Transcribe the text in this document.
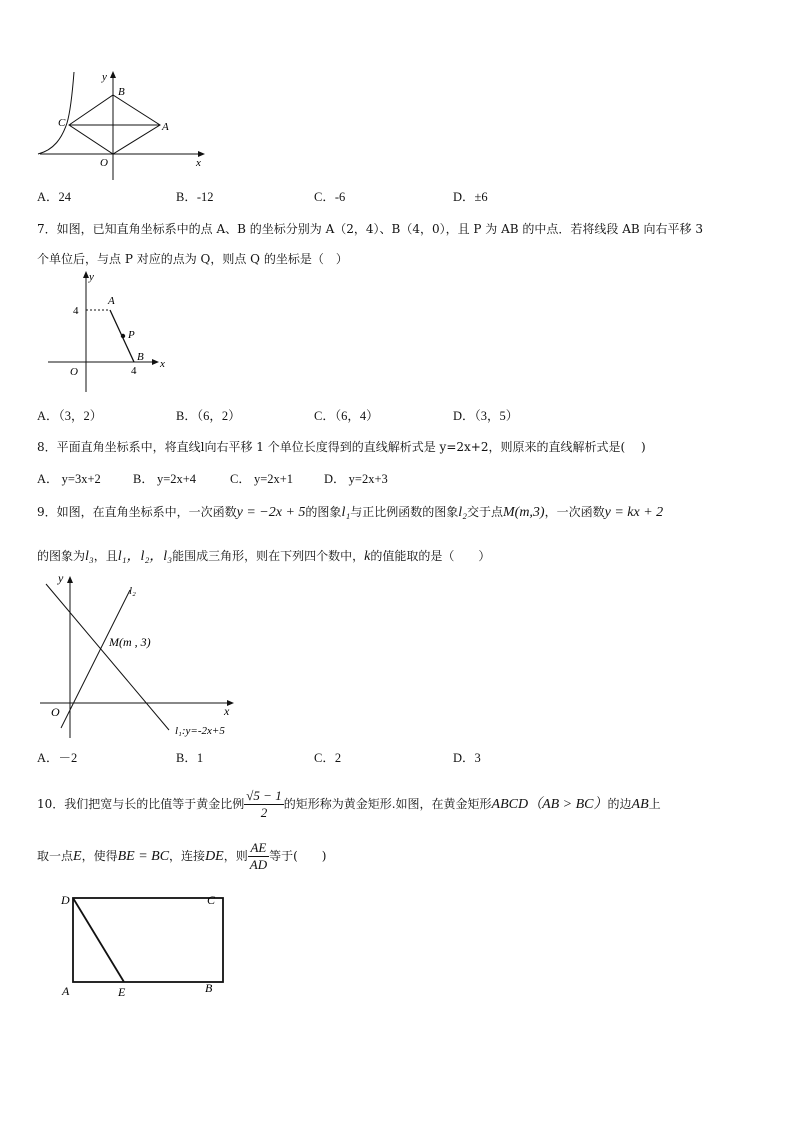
y
B
C	A
O	x
A．24	B．-12	C．-6	D．±6
7．如图，已知直角坐标系中的点 A、B 的坐标分别为 A（2，4）、B（4，0），且 P 为 AB 的中点．若将线段 AB 向右平移 3
个单位后，与点 P 对应的点为 Q，则点 Q 的坐标是（　）
y
4
A
P
B
x
O	4
A．（3，2）	B．（6，2）	C．（6，4）	D．（3，5）
8．平面直角坐标系中，将直线l向右平移 1 个单位长度得到的直线解析式是 y=2x+2，则原来的直线解析式是(　 )
A． y=3x+2	B． y=2x+4	C． y=2x+1 D． y=2x+3
9．如图，在直角坐标系中，一次函数y = −2x + 5的图象l₁与正比例函数的图象l₂交于点M(m,3)，一次函数y = kx + 2
的图象为l₃，且l₁，l₂，l₃能围成三角形，则在下列四个数中，k的值能取的是（　　）
y
l₂
M(m , 3)
O	x
l₁:y=-2x+5
A．－2	B．1	C．2	D．3
10．我们把宽与长的比值等于黄金比例 $\frac{√5 - 1}{2}$ 的矩形称为黄金矩形.如图，在黄金矩形ABCD（AB > BC）的边AB上
取一点E，使得BE = BC，连接DE，则 $\frac{AE}{AD}$ 等于(　　)
D	C
A	E	B
